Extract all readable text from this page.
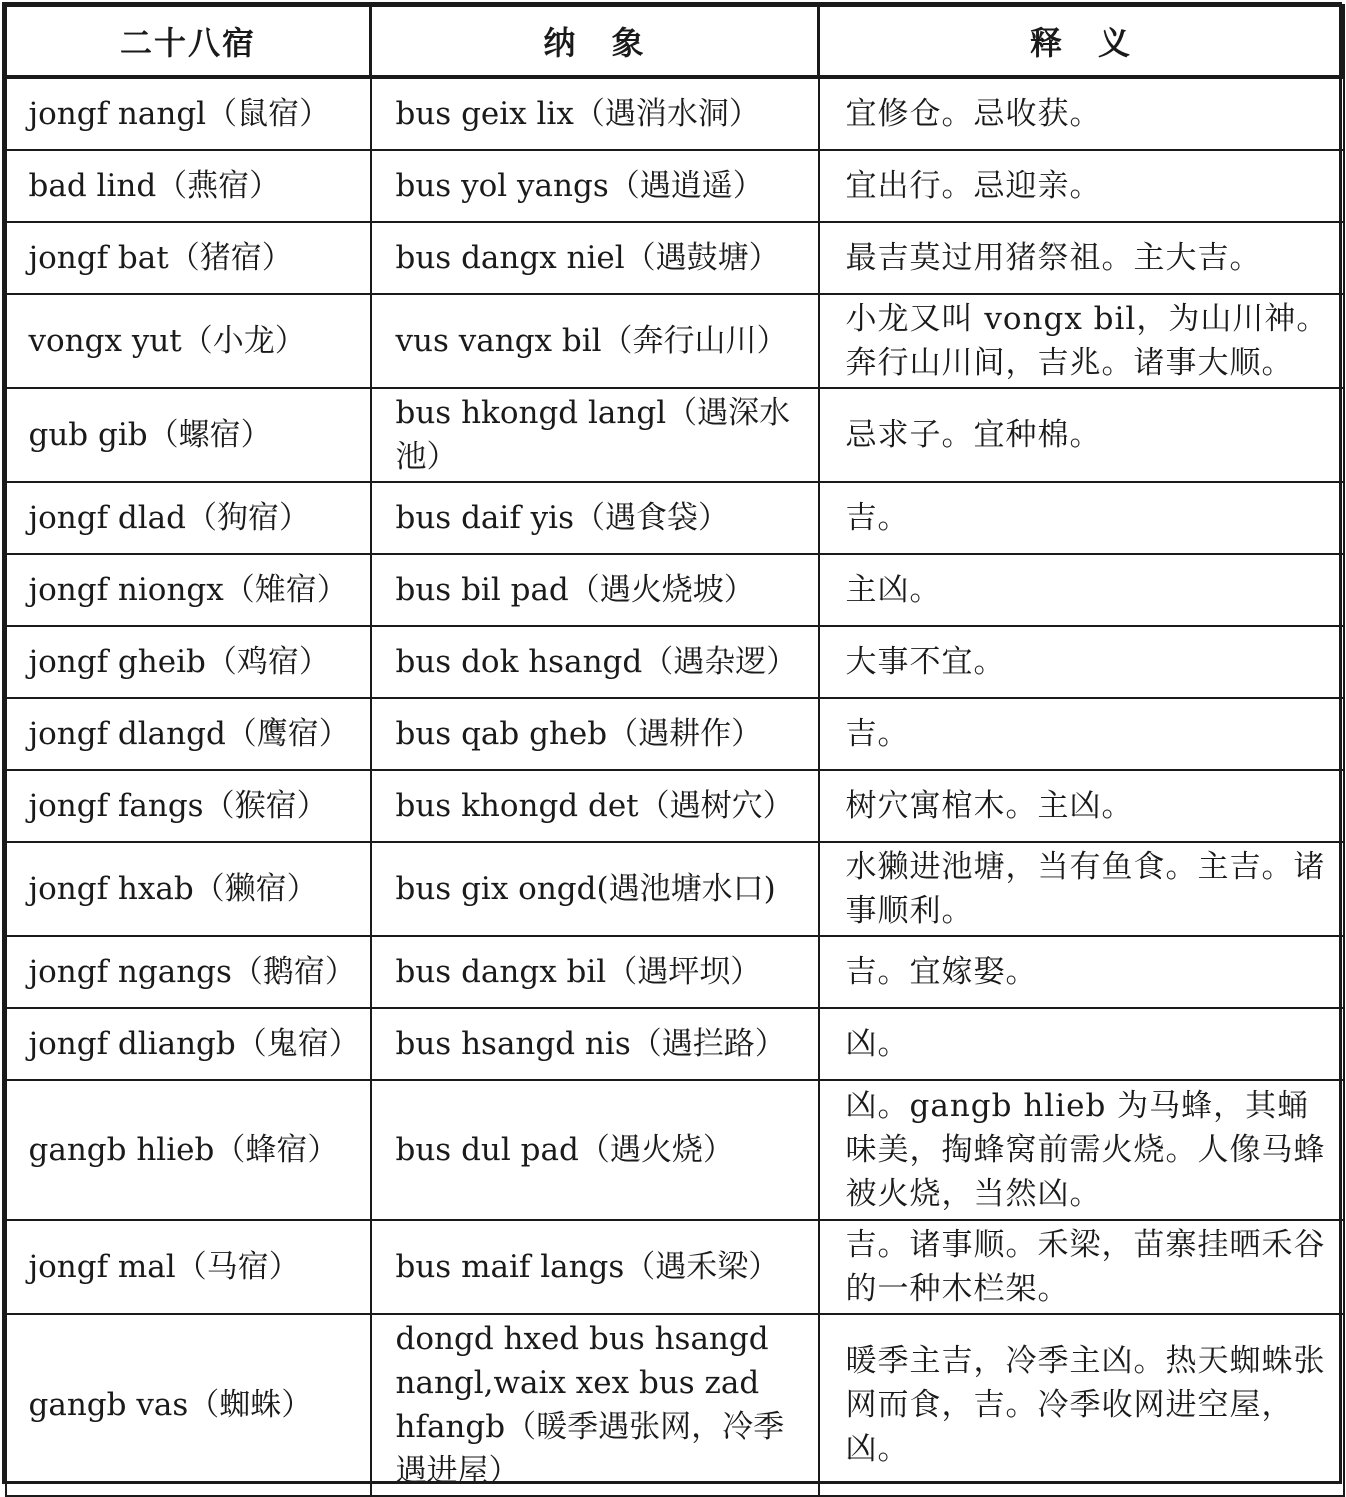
二十八宿	纳　象	释　义
jongf nangl（鼠宿）	bus geix lix（遇消水洞）	宜修仓。忌收获。
bad lind（燕宿）	bus yol yangs（遇逍遥）	宜出行。忌迎亲。
jongf bat（猪宿）	bus dangx niel（遇鼓塘）	最吉莫过用猪祭祖。主大吉。
vongx yut（小龙）	vus vangx bil（奔行山川）	小龙又叫 vongx bil，为山川神。奔行山川间，吉兆。诸事大顺。
gub gib（螺宿）	bus hkongd langl（遇深水池）	忌求子。宜种棉。
jongf dlad（狗宿）	bus daif yis（遇食袋）	吉。
jongf niongx（雉宿）	bus bil pad（遇火烧坡）	主凶。
jongf gheib（鸡宿）	bus dok hsangd（遇杂逻）	大事不宜。
jongf dlangd（鹰宿）	bus qab gheb（遇耕作）	吉。
jongf fangs（猴宿）	bus khongd det（遇树穴）	树穴寓棺木。主凶。
jongf hxab（獭宿）	bus gix ongd(遇池塘水口)	水獭进池塘，当有鱼食。主吉。诸事顺利。
jongf ngangs（鹅宿）	bus dangx bil（遇坪坝）	吉。宜嫁娶。
jongf dliangb（鬼宿）	bus hsangd nis（遇拦路）	凶。
gangb hlieb（蜂宿）	bus dul pad（遇火烧）	凶。gangb hlieb 为马蜂，其蛹味美，掏蜂窝前需火烧。人像马蜂被火烧，当然凶。
jongf mal（马宿）	bus maif langs（遇禾梁）	吉。诸事顺。禾梁，苗寨挂晒禾谷的一种木栏架。
gangb vas（蜘蛛）	dongd hxed bus hsangd nangl,waix xex bus zad hfangb（暖季遇张网，冷季遇进屋）	暖季主吉，冷季主凶。热天蜘蛛张网而食，吉。冷季收网进空屋，凶。
